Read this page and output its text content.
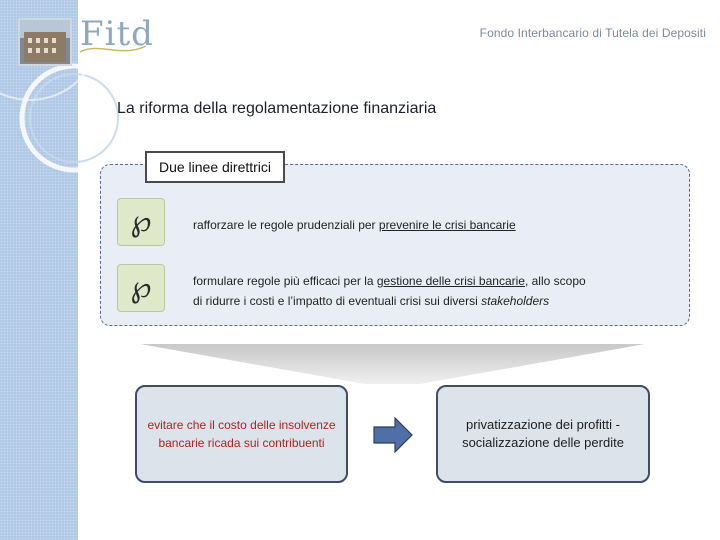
Fitd	Fondo Interbancario di Tutela dei Depositi
La riforma della regolamentazione finanziaria
Due linee direttrici
℘	rafforzare le regole prudenziali per prevenire le crisi bancarie
℘	formulare regole più efficaci per la gestione delle crisi bancarie, allo scopo
di ridurre i costi e l’impatto di eventuali crisi sui diversi stakeholders
evitare che il costo delle insolvenze bancarie ricada sui contribuenti
privatizzazione dei profitti - socializzazione delle perdite
